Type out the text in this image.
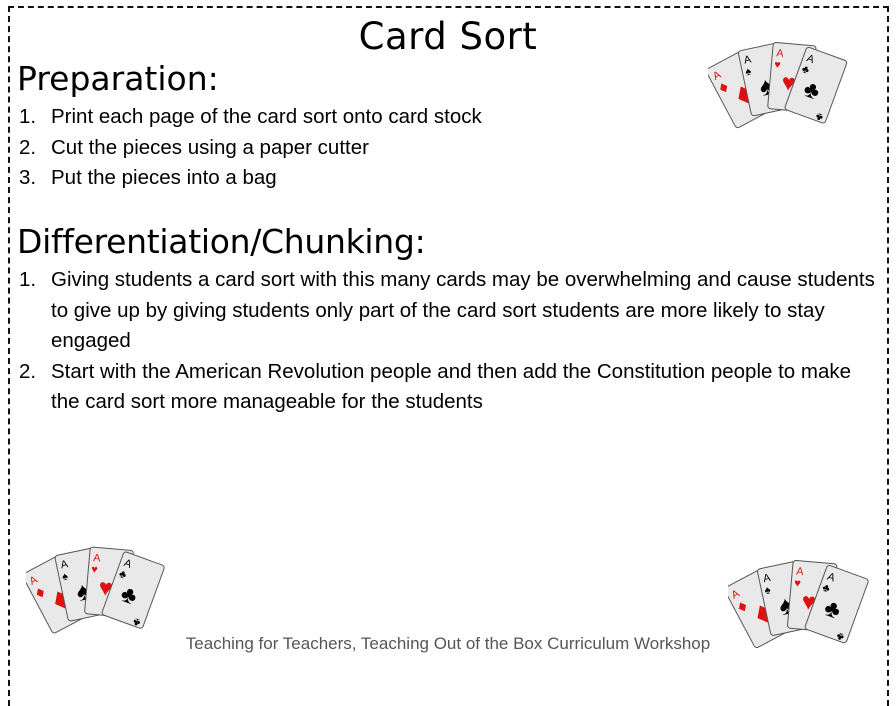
Card Sort
Preparation:
1. Print each page of the card sort onto card stock
2. Cut the pieces using a paper cutter
3. Put the pieces into a bag
Differentiation/Chunking:
1. Giving students a card sort with this many cards may be overwhelming and cause students to give up by giving students only part of the card sort students are more likely to stay engaged
2. Start with the American Revolution people and then add the Constitution people to make the card sort more manageable for the students
Teaching for Teachers, Teaching Out of the Box Curriculum Workshop
